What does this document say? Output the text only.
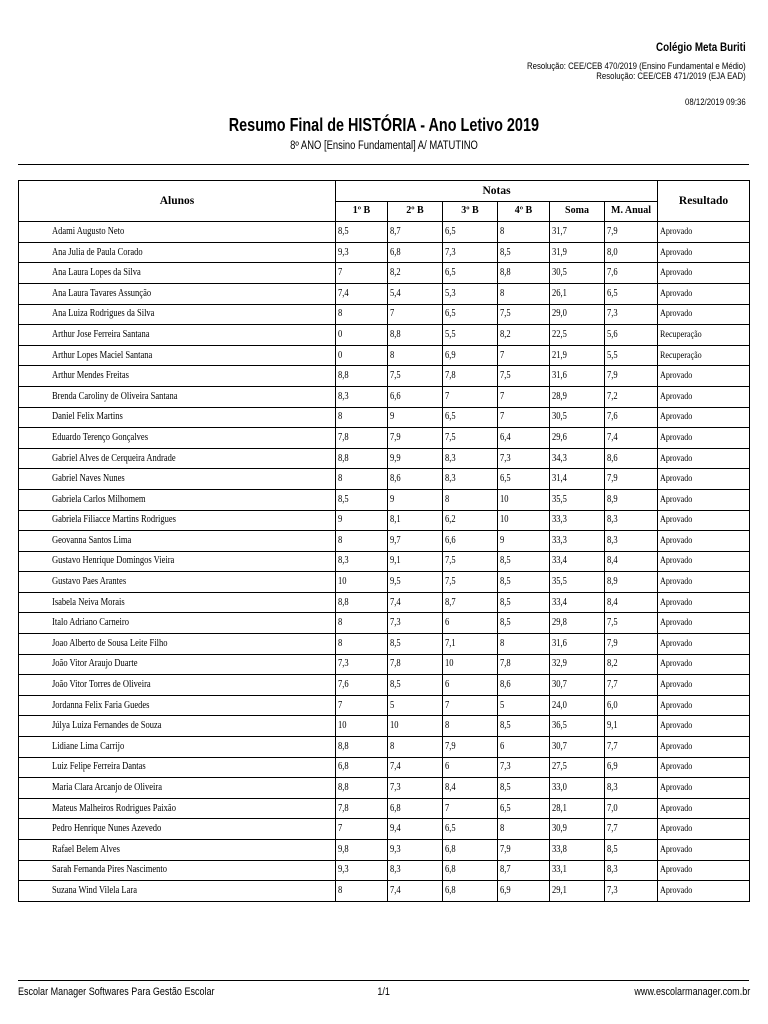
Colégio Meta Buriti
Resolução: CEE/CEB 470/2019 (Ensino Fundamental e Médio)
Resolução: CEE/CEB 471/2019 (EJA EAD)
08/12/2019 09:36
Resumo Final de HISTÓRIA - Ano Letivo 2019
8º ANO [Ensino Fundamental] A/ MATUTINO
Alunos		Notas						Resultado
		1º B	2º B	3º B	4º B	Soma	M. Anual	
	Adami Augusto Neto	8,5	8,7	6,5	8	31,7	7,9	Aprovado
	Ana Julia de Paula Corado	9,3	6,8	7,3	8,5	31,9	8,0	Aprovado
	Ana Laura Lopes da Silva	7	8,2	6,5	8,8	30,5	7,6	Aprovado
	Ana Laura Tavares Assunção	7,4	5,4	5,3	8	26,1	6,5	Aprovado
	Ana Luiza Rodrigues da Silva	8	7	6,5	7,5	29,0	7,3	Aprovado
	Arthur Jose Ferreira Santana	0	8,8	5,5	8,2	22,5	5,6	Recuperação
	Arthur Lopes Maciel Santana	0	8	6,9	7	21,9	5,5	Recuperação
	Arthur Mendes Freitas	8,8	7,5	7,8	7,5	31,6	7,9	Aprovado
	Brenda Caroliny de Oliveira Santana	8,3	6,6	7	7	28,9	7,2	Aprovado
	Daniel Felix Martins	8	9	6,5	7	30,5	7,6	Aprovado
	Eduardo Terenço Gonçalves	7,8	7,9	7,5	6,4	29,6	7,4	Aprovado
	Gabriel Alves de Cerqueira Andrade	8,8	9,9	8,3	7,3	34,3	8,6	Aprovado
	Gabriel Naves Nunes	8	8,6	8,3	6,5	31,4	7,9	Aprovado
	Gabriela Carlos Milhomem	8,5	9	8	10	35,5	8,9	Aprovado
	Gabriela Filiacce Martins Rodrigues	9	8,1	6,2	10	33,3	8,3	Aprovado
	Geovanna Santos Lima	8	9,7	6,6	9	33,3	8,3	Aprovado
	Gustavo Henrique Domingos Vieira	8,3	9,1	7,5	8,5	33,4	8,4	Aprovado
	Gustavo Paes Arantes	10	9,5	7,5	8,5	35,5	8,9	Aprovado
	Isabela Neiva Morais	8,8	7,4	8,7	8,5	33,4	8,4	Aprovado
	Italo Adriano Carneiro	8	7,3	6	8,5	29,8	7,5	Aprovado
	Joao Alberto de Sousa Leite Filho	8	8,5	7,1	8	31,6	7,9	Aprovado
	João Vitor Araujo Duarte	7,3	7,8	10	7,8	32,9	8,2	Aprovado
	João Vitor Torres de Oliveira	7,6	8,5	6	8,6	30,7	7,7	Aprovado
	Jordanna Felix Faria Guedes	7	5	7	5	24,0	6,0	Aprovado
	Júlya Luiza Fernandes de Souza	10	10	8	8,5	36,5	9,1	Aprovado
	Lidiane Lima Carrijo	8,8	8	7,9	6	30,7	7,7	Aprovado
	Luiz Felipe Ferreira Dantas	6,8	7,4	6	7,3	27,5	6,9	Aprovado
	Maria Clara Arcanjo de Oliveira	8,8	7,3	8,4	8,5	33,0	8,3	Aprovado
	Mateus Malheiros Rodrigues Paixão	7,8	6,8	7	6,5	28,1	7,0	Aprovado
	Pedro Henrique Nunes Azevedo	7	9,4	6,5	8	30,9	7,7	Aprovado
	Rafael Belem Alves	9,8	9,3	6,8	7,9	33,8	8,5	Aprovado
	Sarah Fernanda Pires Nascimento	9,3	8,3	6,8	8,7	33,1	8,3	Aprovado
	Suzana Wind Vilela Lara	8	7,4	6,8	6,9	29,1	7,3	Aprovado
Escolar Manager Softwares Para Gestão Escolar	1/1	www.escolarmanager.com.br
